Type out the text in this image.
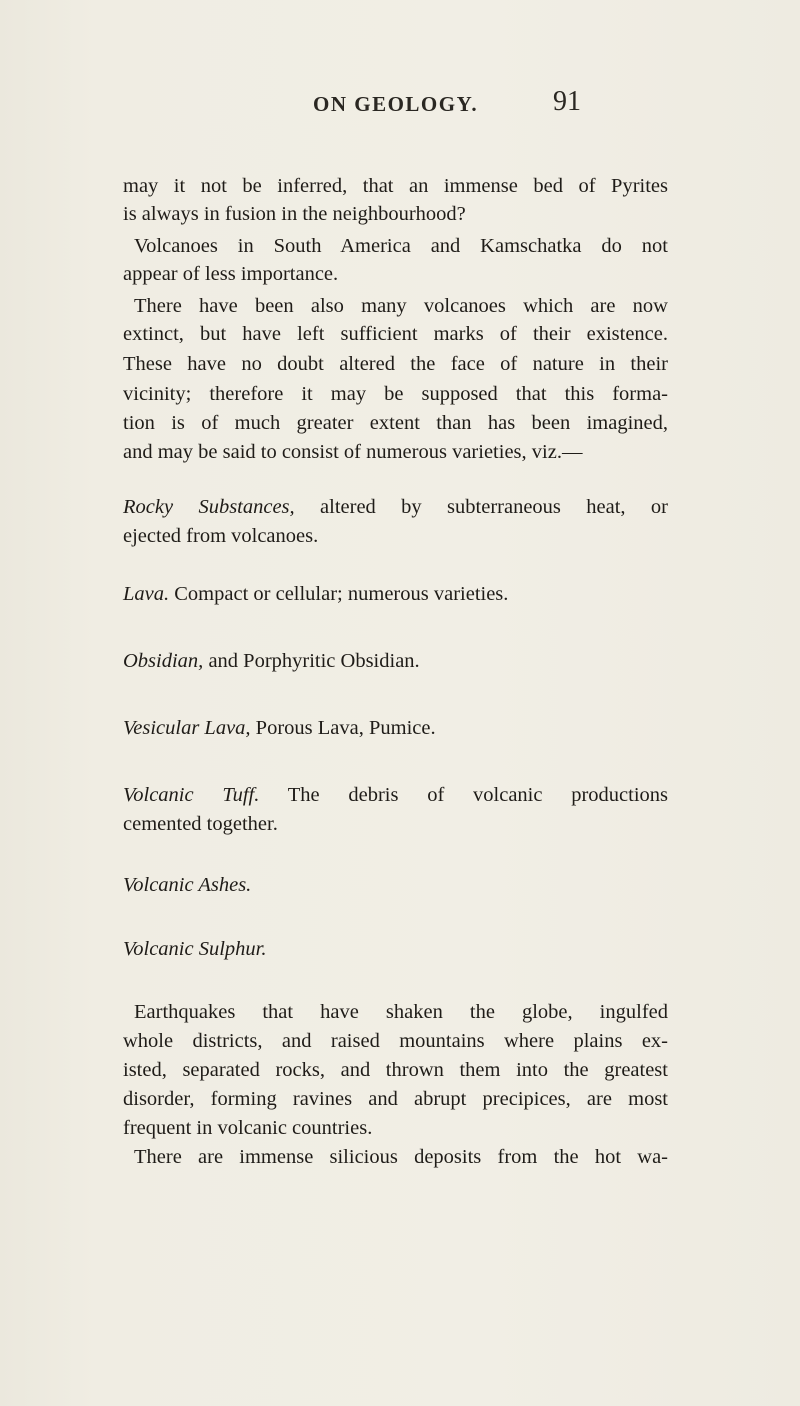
ON GEOLOGY.	91
may it not be inferred, that an immense bed of Pyrites
is always in fusion in the neighbourhood?
Volcanoes in South America and Kamschatka do not
appear of less importance.
There have been also many volcanoes which are now
extinct, but have left sufficient marks of their existence.
These have no doubt altered the face of nature in their
vicinity; therefore it may be supposed that this forma-
tion is of much greater extent than has been imagined,
and may be said to consist of numerous varieties, viz.—
Rocky Substances, altered by subterraneous heat, or
ejected from volcanoes.
Lava. Compact or cellular; numerous varieties.
Obsidian, and Porphyritic Obsidian.
Vesicular Lava, Porous Lava, Pumice.
Volcanic Tuff. The debris of volcanic productions
cemented together.
Volcanic Ashes.
Volcanic Sulphur.
Earthquakes that have shaken the globe, ingulfed
whole districts, and raised mountains where plains ex-
isted, separated rocks, and thrown them into the greatest
disorder, forming ravines and abrupt precipices, are most
frequent in volcanic countries.
There are immense silicious deposits from the hot wa-
